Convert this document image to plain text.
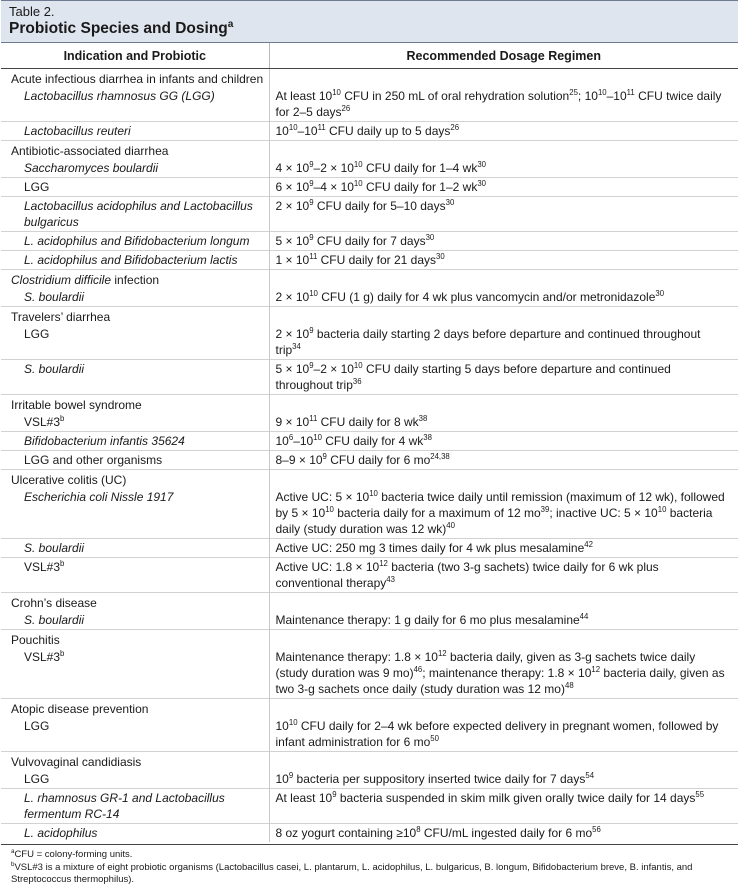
Table 2.
Probiotic Species and Dosing$^a$
Indication and Probiotic	Recommended Dosage Regimen
Acute infectious diarrhea in infants and children	
Lactobacillus rhamnosus GG (LGG)	At least $10^{10}$ CFU in 250 mL of oral rehydration solution$^{25}$; $10^{10}-10^{11}$ CFU twice daily for 2–5 days$^{26}$
Lactobacillus reuteri	$10^{10}-10^{11}$ CFU daily up to 5 days$^{26}$
Antibiotic-associated diarrhea	
Saccharomyces boulardii	$4 \times 10^9-2 \times 10^{10}$ CFU daily for 1–4 $wk^{30}$
LGG	$6 \times 10^9-4 \times 10^{10}$ CFU daily for 1–2 $wk^{30}$
Lactobacillus acidophilus and Lactobacillus bulgaricus	$2 \times 10^9$ CFU daily for 5–10 days$^{30}$
L. acidophilus and Bifidobacterium longum	$5 \times 10^9$ CFU daily for 7 days$^{30}$
L. acidophilus and Bifidobacterium lactis	$1 \times 10^{11}$ CFU daily for 21 days$^{30}$
Clostridium difficile infection	
S. boulardii	$2 \times 10^{10}$ CFU (1 g) daily for 4 wk plus vancomycin and/or metronidazole$^{30}$
Travelers’ diarrhea	
LGG	$2 \times 10^9$ bacteria daily starting 2 days before departure and continued throughout trip$^{34}$
S. boulardii	$5 \times 10^9-2 \times 10^{10}$ CFU daily starting 5 days before departure and continued throughout trip$^{36}$
Irritable bowel syndrome	
VSL#3$^b$	$9 \times 10^{11}$ CFU daily for 8 $wk^{38}$
Bifidobacterium infantis 35624	$10^6-10^{10}$ CFU daily for 4 $wk^{38}$
LGG and other organisms	$8-9 \times 10^9$ CFU daily for 6 mo$^{24,38}$
Ulcerative colitis (UC)	
Escherichia coli Nissle 1917	Active UC: $5 \times 10^{10}$ bacteria twice daily until remission (maximum of 12 wk), followed by $5 \times 10^{10}$ bacteria daily for a maximum of 12 $mo^{39}$; inactive UC: $5 \times 10^{10}$ bacteria daily (study duration was 12 wk)$^{40}$
S. boulardii	Active UC: 250 mg 3 times daily for 4 wk plus mesalamine$^{42}$
VSL#3$^b$	Active UC: $1.8 \times 10^{12}$ bacteria (two 3-g sachets) twice daily for 6 wk plus conventional therapy$^{43}$
Crohn’s disease	
S. boulardii	Maintenance therapy: 1 g daily for 6 mo plus mesalamine$^{44}$
Pouchitis	
VSL#3$^b$	Maintenance therapy: $1.8 \times 10^{12}$ bacteria daily, given as 3-g sachets twice daily (study duration was 9 mo)$^{46}$; maintenance therapy: $1.8 \times 10^{12}$ bacteria daily, given as two 3-g sachets once daily (study duration was 12 mo)$^{48}$
Atopic disease prevention	
LGG	$10^{10}$ CFU daily for 2–4 wk before expected delivery in pregnant women, followed by infant administration for 6 $mo^{50}$
Vulvovaginal candidiasis	
LGG	$10^9$ bacteria per suppository inserted twice daily for 7 days$^{54}$
L. rhamnosus GR-1 and Lactobacillus fermentum RC-14	At least $10^9$ bacteria suspended in skim milk given orally twice daily for 14 days$^{55}$
L. acidophilus	8 oz yogurt containing $\ge 10^8$ CFU/mL ingested daily for 6 $mo^{56}$

$^a$CFU = colony-forming units.

$^b$VSL#3 is a mixture of eight probiotic organisms (Lactobacillus casei, L. plantarum, L. acidophilus, L. bulgaricus, B. longum, Bifidobacterium breve, B. infantis, and Streptococcus thermophilus).
